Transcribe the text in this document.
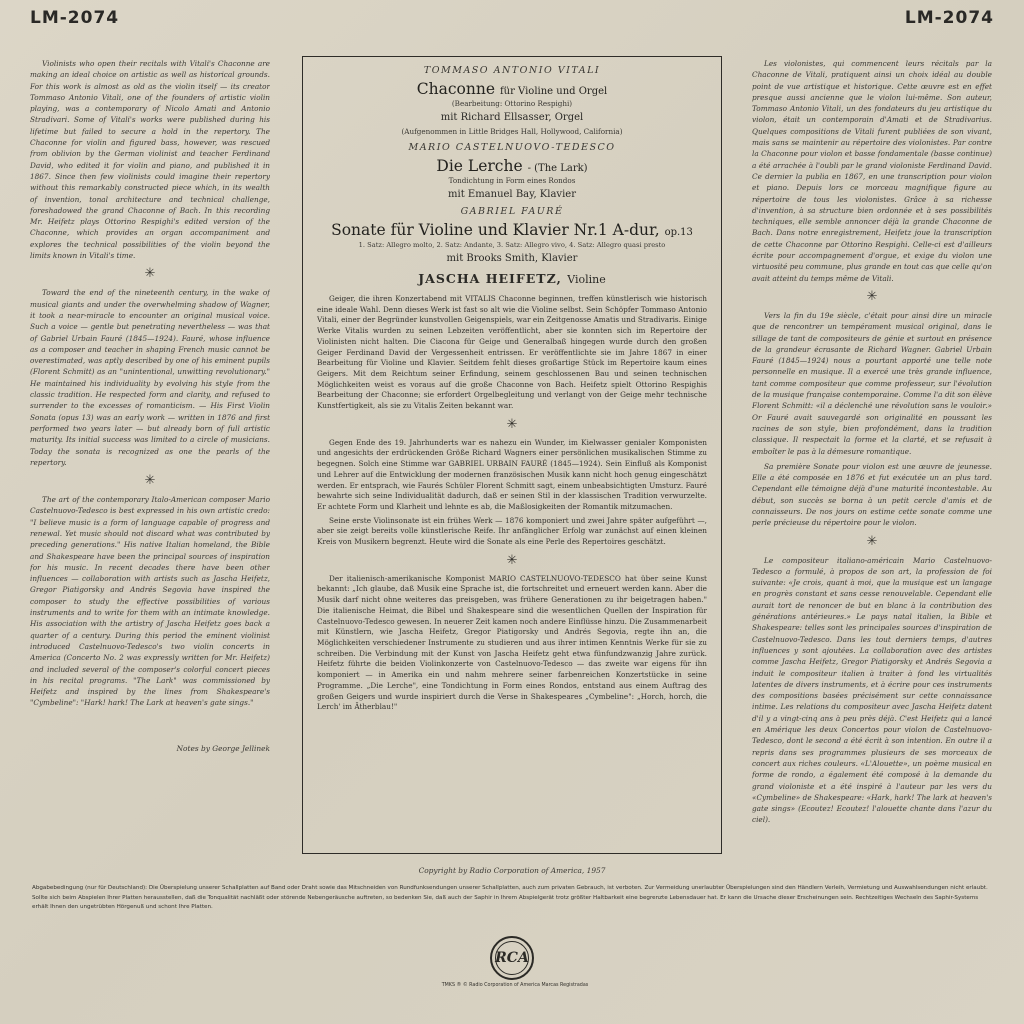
LM-2074	LM-2074

Violinists who open their recitals with Vitali's Chaconne are making an ideal choice on artistic as well as historical grounds. For this work is almost as old as the violin itself — its creator Tommaso Antonio Vitali, one of the founders of artistic violin playing, was a contemporary of Nicolo Amati and Antonio Stradivari. Some of Vitali's works were published during his lifetime but failed to secure a hold in the repertory. The Chaconne for violin and figured bass, however, was rescued from oblivion by the German violinist and teacher Ferdinand David, who edited it for violin and piano, and published it in 1867. Since then few violinists could imagine their repertory without this remarkably constructed piece which, in its wealth of invention, tonal architecture and technical challenge, foreshadowed the grand Chaconne of Bach. In this recording Mr. Heifetz plays Ottorino Respighi's edited version of the Chaconne, which provides an organ accompaniment and explores the technical possibilities of the violin beyond the limits known in Vitali's time.

✳

Toward the end of the nineteenth century, in the wake of musical giants and under the overwhelming shadow of Wagner, it took a near-miracle to encounter an original musical voice. Such a voice — gentle but penetrating nevertheless — was that of Gabriel Urbain Fauré (1845—1924). Fauré, whose influence as a composer and teacher in shaping French music cannot be overestimated, was aptly described by one of his eminent pupils (Florent Schmitt) as an "unintentional, unwitting revolutionary." He maintained his individuality by evolving his style from the classic tradition. He respected form and clarity, and refused to surrender to the excesses of romanticism. — His First Violin Sonata (opus 13) was an early work — written in 1876 and first performed two years later — but already born of full artistic maturity. Its initial success was limited to a circle of musicians. Today the sonata is recognized as one the pearls of the repertory.

✳

The art of the contemporary Italo-American composer Mario Castelnuovo-Tedesco is best expressed in his own artistic credo: "I believe music is a form of language capable of progress and renewal. Yet music should not discard what was contributed by preceding generations." His native Italian homeland, the Bible and Shakespeare have been the principal sources of inspiration for his music. In recent decades there have been other influences — collaboration with artists such as Jascha Heifetz, Gregor Piatigorsky and Andrés Segovia have inspired the composer to study the effective possibilities of various instruments and to write for them with an intimate knowledge. His association with the artistry of Jascha Heifetz goes back a quarter of a century. During this period the eminent violinist introduced Castelnuovo-Tedesco's two violin concerts in America (Concerto No. 2 was expressly written for Mr. Heifetz) and included several of the composer's colorful concert pieces in his recital programs. "The Lark" was commissioned by Heifetz and inspired by the lines from Shakespeare's "Cymbeline": "Hark! hark! The Lark at heaven's gate sings."

Notes by George Jellinek
TOMMASO ANTONIO VITALI
Chaconne für Violine und Orgel
(Bearbeitung: Ottorino Respighi)
mit Richard Ellsasser, Orgel
(Aufgenommen in Little Bridges Hall, Hollywood, California)
MARIO CASTELNUOVO-TEDESCO
Die Lerche - (The Lark)
Tondichtung in Form eines Rondos
mit Emanuel Bay, Klavier
GABRIEL FAURÉ
Sonate für Violine und Klavier Nr.1 A-dur, op.13
1. Satz: Allegro molto, 2. Satz: Andante, 3. Satz: Allegro vivo, 4. Satz: Allegro quasi presto
mit Brooks Smith, Klavier
JASCHA HEIFETZ, Violine

Geiger, die ihren Konzertabend mit VITALIS Chaconne beginnen, treffen künstlerisch wie historisch eine ideale Wahl. Denn dieses Werk ist fast so alt wie die Violine selbst. Sein Schöpfer Tommaso Antonio Vitali, einer der Begründer kunstvollen Geigenspiels, war ein Zeitgenosse Amatis und Stradivaris. Einige Werke Vitalis wurden zu seinen Lebzeiten veröffentlicht, aber sie konnten sich im Repertoire der Violinisten nicht halten. Die Ciacona für Geige und Generalbaß hingegen wurde durch den großen Geiger Ferdinand David der Vergessenheit entrissen. Er veröffentlichte sie im Jahre 1867 in einer Bearbeitung für Violine und Klavier. Seitdem fehlt dieses großartige Stück im Repertoire kaum eines Geigers. Mit dem Reichtum seiner Erfindung, seinem geschlossenen Bau und seinen technischen Möglichkeiten weist es voraus auf die große Chaconne von Bach. Heifetz spielt Ottorino Respighis Bearbeitung der Chaconne; sie erfordert Orgelbegleitung und verlangt von der Geige mehr technische Kunstfertigkeit, als sie zu Vitalis Zeiten bekannt war.

✳

Gegen Ende des 19. Jahrhunderts war es nahezu ein Wunder, im Kielwasser genialer Komponisten und angesichts der erdrückenden Größe Richard Wagners einer persönlichen musikalischen Stimme zu begegnen. Solch eine Stimme war GABRIEL URBAIN FAURÉ (1845—1924). Sein Einfluß als Komponist und Lehrer auf die Entwicklung der modernen französischen Musik kann nicht hoch genug eingeschätzt werden. Er entsprach, wie Faurés Schüler Florent Schmitt sagt, einem unbeabsichtigten Umsturz. Fauré bewahrte sich seine Individualität dadurch, daß er seinen Stil in der klassischen Tradition verwurzelte. Er achtete Form und Klarheit und lehnte es ab, die Maßlosigkeiten der Romantik mitzumachen.

Seine erste Violinsonate ist ein frühes Werk — 1876 komponiert und zwei Jahre später aufgeführt —, aber sie zeigt bereits volle künstlerische Reife. Ihr anfänglicher Erfolg war zunächst auf einen kleinen Kreis von Musikern begrenzt. Heute wird die Sonate als eine Perle des Repertoires geschätzt.

✳

Der italienisch-amerikanische Komponist MARIO CASTELNUOVO-TEDESCO hat über seine Kunst bekannt: „Ich glaube, daß Musik eine Sprache ist, die fortschreitet und erneuert werden kann. Aber die Musik darf nicht ohne weiteres das preisgeben, was frühere Generationen zu ihr beigetragen haben." Die italienische Heimat, die Bibel und Shakespeare sind die wesentlichen Quellen der Inspiration für Castelnuovo-Tedesco gewesen. In neuerer Zeit kamen noch andere Einflüsse hinzu. Die Zusammenarbeit mit Künstlern, wie Jascha Heifetz, Gregor Piatigorsky und Andrés Segovia, regte ihn an, die Möglichkeiten verschiedener Instrumente zu studieren und aus ihrer intimen Kenntnis Werke für sie zu schreiben. Die Verbindung mit der Kunst von Jascha Heifetz geht etwa fünfundzwanzig Jahre zurück. Heifetz führte die beiden Violinkonzerte von Castelnuovo-Tedesco — das zweite war eigens für ihn komponiert — in Amerika ein und nahm mehrere seiner farbenreichen Konzertstücke in seine Programme. „Die Lerche", eine Tondichtung in Form eines Rondos, entstand aus einem Auftrag des großen Geigers und wurde inspiriert durch die Verse in Shakespeares „Cymbeline": „Horch, horch, die Lerch' im Ätherblau!"

Copyright by Radio Corporation of America, 1957

Les violonistes, qui commencent leurs récitals par la Chaconne de Vitali, pratiquent ainsi un choix idéal au double point de vue artistique et historique. Cette œuvre est en effet presque aussi ancienne que le violon lui-même. Son auteur, Tommaso Antonio Vitali, un des fondateurs du jeu artistique du violon, était un contemporain d'Amati et de Stradivarius. Quelques compositions de Vitali furent publiées de son vivant, mais sans se maintenir au répertoire des violonistes. Par contre la Chaconne pour violon et basse fondamentale (basse continue) a été arrachée à l'oubli par le grand violoniste Ferdinand David. Ce dernier la publia en 1867, en une transcription pour violon et piano. Depuis lors ce morceau magnifique figure au répertoire de tous les violonistes. Grâce à sa richesse d'invention, à sa structure bien ordonnée et à ses possibilités techniques, elle semble annoncer déjà la grande Chaconne de Bach. Dans notre enregistrement, Heifetz joue la transcription de cette Chaconne par Ottorino Respighi. Celle-ci est d'ailleurs écrite pour accompagnement d'orgue, et exige du violon une virtuosité peu commune, plus grande en tout cas que celle qu'on avait atteint du temps même de Vitali.

✳

Vers la fin du 19e siècle, c'était pour ainsi dire un miracle que de rencontrer un tempérament musical original, dans le sillage de tant de compositeurs de génie et surtout en présence de la grandeur écrasante de Richard Wagner. Gabriel Urbain Fauré (1845—1924) nous a pourtant apporté une telle note personnelle en musique. Il a exercé une très grande influence, tant comme compositeur que comme professeur, sur l'évolution de la musique française contemporaine. Comme l'a dit son élève Florent Schmitt: «il a déclenché une révolution sans le vouloir.» Or Fauré avait sauvegardé son originalité en poussant les racines de son style, bien profondément, dans la tradition classique. Il respectait la forme et la clarté, et se refusait à emboîter le pas à la démesure romantique.

Sa première Sonate pour violon est une œuvre de jeunesse. Elle a été composée en 1876 et fut exécutée un an plus tard. Cependant elle témoigne déjà d'une maturité incontestable. Au début, son succès se borna à un petit cercle d'amis et de connaisseurs. De nos jours on estime cette sonate comme une perle précieuse du répertoire pour le violon.

✳

Le compositeur italiano-américain Mario Castelnuovo-Tedesco a formulé, à propos de son art, la profession de foi suivante: «Je crois, quant à moi, que la musique est un langage en progrès constant et sans cesse renouvelable. Cependant elle aurait tort de renoncer de but en blanc à la contribution des générations antérieures.» Le pays natal italien, la Bible et Shakespeare: telles sont les principales sources d'inspiration de Castelnuovo-Tedesco. Dans les tout derniers temps, d'autres influences y sont ajoutées. La collaboration avec des artistes comme Jascha Heifetz, Gregor Piatigorsky et Andrés Segovia a induit le compositeur italien à traiter à fond les virtualités latentes de divers instruments, et à écrire pour ces instruments des compositions basées précisément sur cette connaissance intime. Les relations du compositeur avec Jascha Heifetz datent d'il y a vingt-cinq ans à peu près déjà. C'est Heifetz qui a lancé en Amérique les deux Concertos pour violon de Castelnuovo-Tedesco, dont le second a été écrit à son intention. En outre il a repris dans ses programmes plusieurs de ses morceaux de concert aux riches couleurs. «L'Alouette», un poème musical en forme de rondo, a également été composé à la demande du grand violoniste et a été inspiré à l'auteur par les vers du «Cymbeline» de Shakespeare: «Hark, hark! The lark at heaven's gate sings» (Ecoutez! Ecoutez! l'alouette chante dans l'azur du ciel).

Abgabebedingung (nur für Deutschland): Die Überspielung unserer Schallplatten auf Band oder Draht sowie das Mitschneiden von Rundfunksendungen unserer Schallplatten, auch zum privaten Gebrauch, ist verboten. Zur Vermeidung unerlaubter Überspielungen sind den Händlern Verleih, Vermietung und Auswahlsendungen nicht erlaubt. Sollte sich beim Abspielen Ihrer Platten herausstellen, daß die Tonqualität nachläßt oder störende Nebengeräusche auftreten, so bedenken Sie, daß auch der Saphir in Ihrem Abspielgerät trotz größter Haltbarkeit eine begrenzte Lebensdauer hat. Er kann die Ursache dieser Erscheinungen sein. Rechtzeitiges Wechseln des Saphir-Systems erhält Ihnen den ungetrübten Hörgenuß und schont Ihre Platten.
RCA
TMKS ® © Radio Corporation of America Marcas Registradas
